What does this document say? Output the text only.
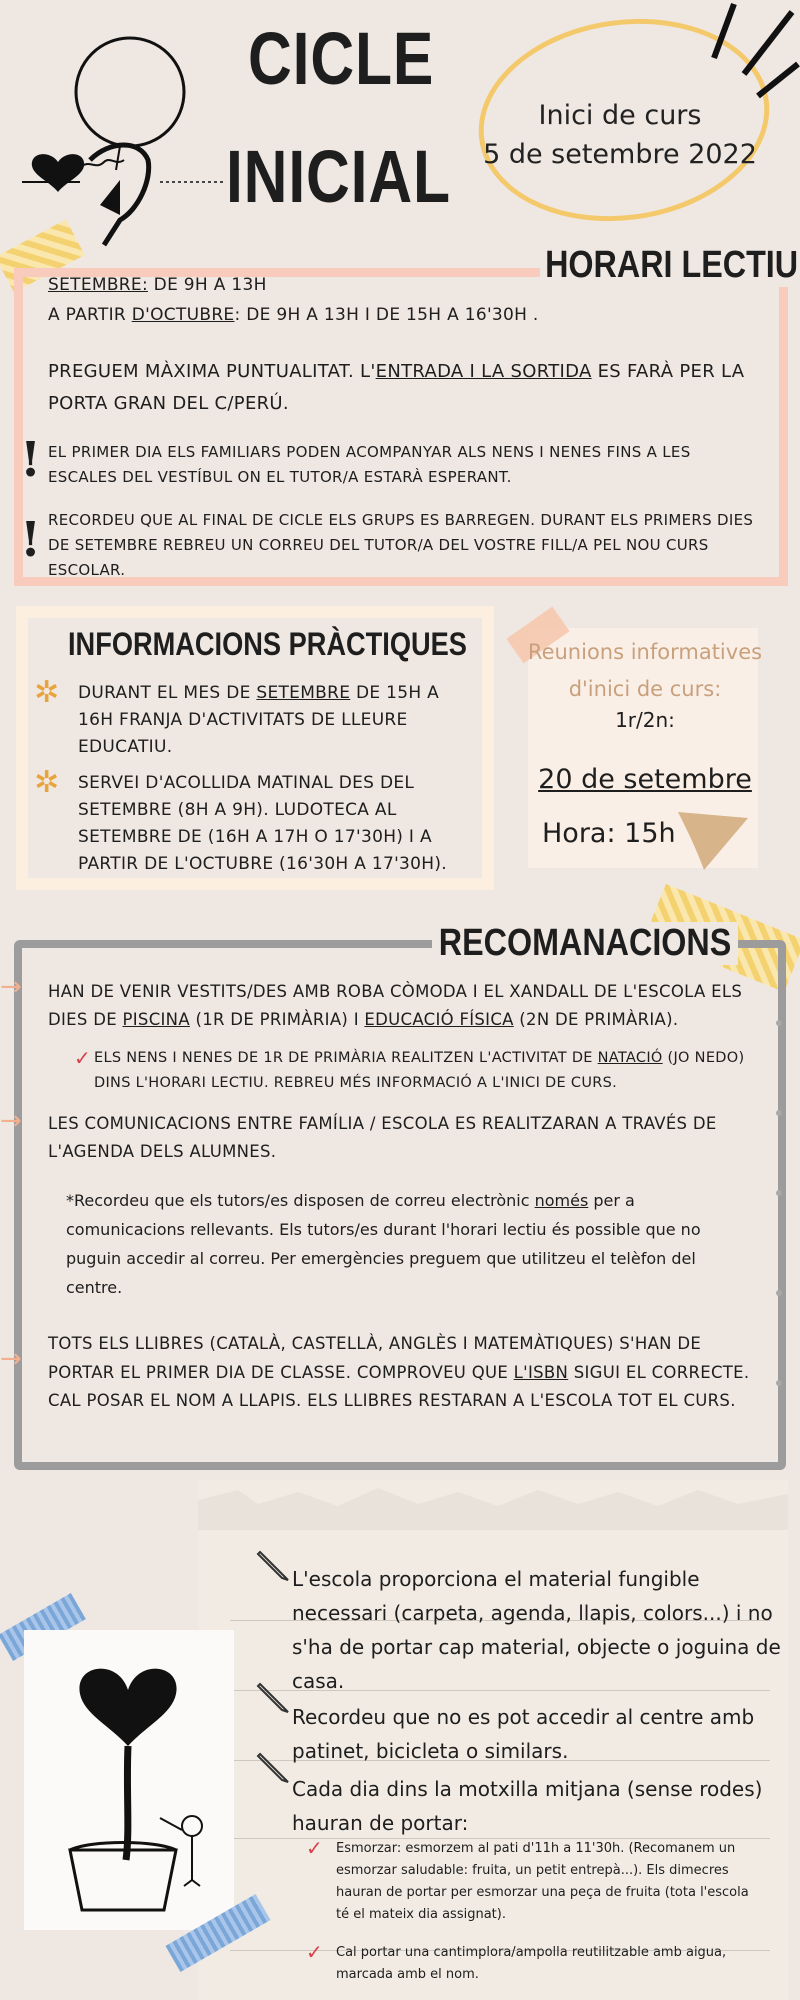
CICLE
INICIAL
Inici de curs
5 de setembre 2022
HORARI LECTIU
SETEMBRE: DE 9H A 13H
A PARTIR D'OCTUBRE: DE 9H A 13H I DE 15H A 16'30H .
PREGUEM MÀXIMA PUNTUALITAT. L'ENTRADA I LA SORTIDA ES FARÀ PER LA PORTA GRAN DEL C/PERÚ.
! EL PRIMER DIA ELS FAMILIARS PODEN ACOMPANYAR ALS NENS I NENES FINS A LES ESCALES DEL VESTÍBUL ON EL TUTOR/A ESTARÀ ESPERANT.
! RECORDEU QUE AL FINAL DE CICLE ELS GRUPS ES BARREGEN. DURANT ELS PRIMERS DIES DE SETEMBRE REBREU UN CORREU DEL TUTOR/A DEL VOSTRE FILL/A PEL NOU CURS ESCOLAR.
INFORMACIONS PRÀCTIQUES
✲ DURANT EL MES DE SETEMBRE DE 15H A 16H FRANJA D'ACTIVITATS DE LLEURE EDUCATIU.
✲ SERVEI D'ACOLLIDA MATINAL DES DEL SETEMBRE (8H A 9H). LUDOTECA AL SETEMBRE DE (16H A 17H O 17'30H) I A PARTIR DE L'OCTUBRE (16'30H A 17'30H).
Reunions informatives d'inici de curs:
1r/2n:
20 de setembre
Hora: 15h
RECOMANACIONS
→ HAN DE VENIR VESTITS/DES AMB ROBA CÒMODA I EL XANDALL DE L'ESCOLA ELS DIES DE PISCINA (1R DE PRIMÀRIA) I EDUCACIÓ FÍSICA (2N DE PRIMÀRIA).
✓ ELS NENS I NENES DE 1R DE PRIMÀRIA REALITZEN L'ACTIVITAT DE NATACIÓ (JO NEDO) DINS L'HORARI LECTIU. REBREU MÉS INFORMACIÓ A L'INICI DE CURS.
→ LES COMUNICACIONS ENTRE FAMÍLIA / ESCOLA ES REALITZARAN A TRAVÉS DE L'AGENDA DELS ALUMNES.
*Recordeu que els tutors/es disposen de correu electrònic només per a comunicacions rellevants. Els tutors/es durant l'horari lectiu és possible que no puguin accedir al correu. Per emergències preguem que utilitzeu el telèfon del centre.
→
TOTS ELS LLIBRES (CATALÀ, CASTELLÀ, ANGLÈS I MATEMÀTIQUES) S'HAN DE PORTAR EL PRIMER DIA DE CLASSE. COMPROVEU QUE L'ISBN SIGUI EL CORRECTE. CAL POSAR EL NOM A LLAPIS. ELS LLIBRES RESTARAN A L'ESCOLA TOT EL CURS.
L'escola proporciona el material fungible necessari (carpeta, agenda, llapis, colors...) i no s'ha de portar cap material, objecte o joguina de casa.
Recordeu que no es pot accedir al centre amb patinet, bicicleta o similars.
Cada dia dins la motxilla mitjana (sense rodes) hauran de portar:
✓ Esmorzar: esmorzem al pati d'11h a 11'30h. (Recomanem un esmorzar saludable: fruita, un petit entrepà...). Els dimecres hauran de portar per esmorzar una peça de fruita (tota l'escola té el mateix dia assignat).
✓ Cal portar una cantimplora/ampolla reutilitzable amb aigua, marcada amb el nom.
